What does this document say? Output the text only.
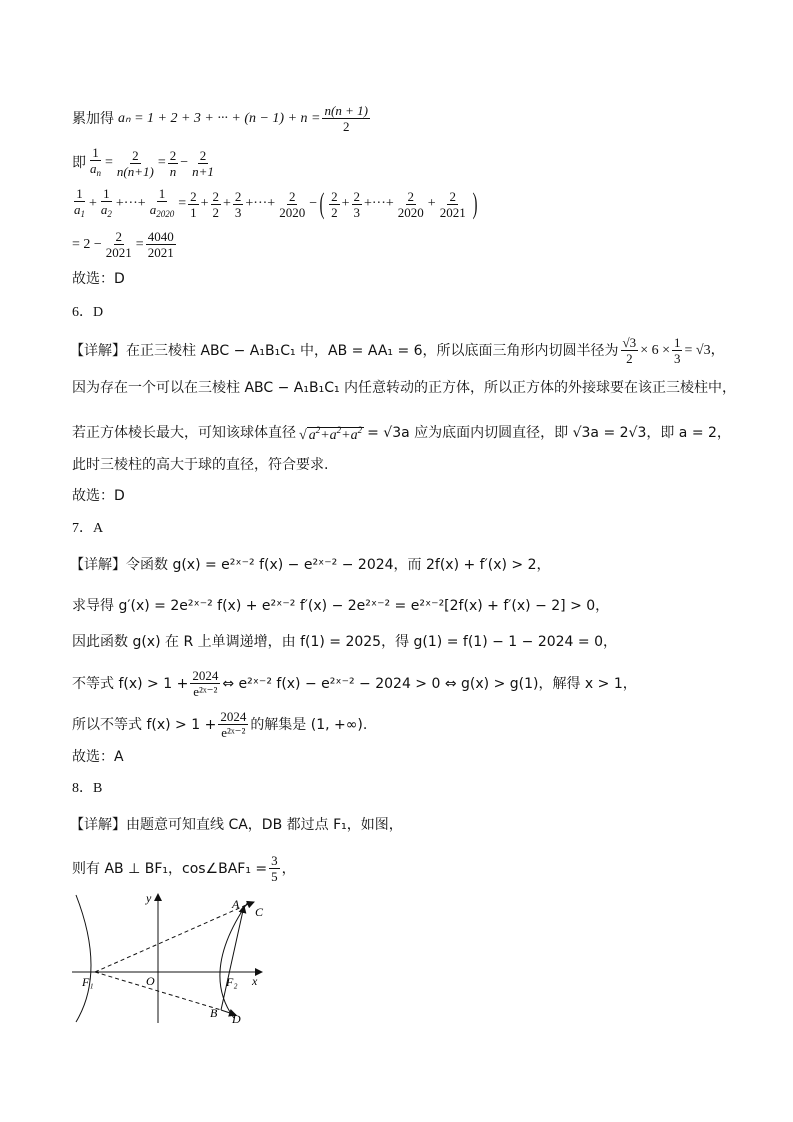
累加得 aₙ = 1 + 2 + 3 + ··· + $(n - 1) + n = \frac{n(n + 1)}{2}$
即 $\frac{1}{a_n} = \frac{2}{n(n+1)} = \frac{2}{n} - \frac{2}{n+1}$
$\frac{1}{a_1} + \frac{1}{a_2}$ +···+ $\frac{1}{a_{2020}} = \frac{2}{1} + \frac{2}{2} + \frac{2}{3}$ +···+ $\frac{2}{2020}$ − ( $\frac{2}{2} + \frac{2}{3}$ +···+ $\frac{2}{2020} + \frac{2}{2021}$ )
= $2 - \frac{2}{2021} = \frac{4040}{2021}$
故选：D
6．D
【详解】 在正三棱柱 ABC − A₁B₁C₁ 中，AB = AA₁ = 6，所以底面三角形内切圆半径为 $\frac{√3}{2} \times 6 \times \frac{1}{3} = √3$，
因为存在一个可以在三棱柱 ABC − A₁B₁C₁ 内任意转动的正方体，所以正方体的外接球要在该正三棱柱中，
若正方体棱长最大，可知该球体直径 √ $a^2+a^2+a^2 = √3a$ 应为底面内切圆直径，即 √3a = 2√3，即 a = 2，
此时三棱柱的高大于球的直径，符合要求.
故选：D
7．A
【详解】 令函数 g(x) = e²ˣ⁻² f(x) − e²ˣ⁻² − 2024，而 2f(x) + f′(x) > 2，
求导得 g′(x) = 2e²ˣ⁻² f(x) + e²ˣ⁻² f′(x) − 2e²ˣ⁻² = e²ˣ⁻²[2f(x) + f′(x) − 2] > 0，
因此函数 g(x) 在 R 上单调递增，由 f(1) = 2025，得 g(1) = f(1) − 1 − 2024 = 0，
不等式 $f(x) > 1 + \frac{2024}{\text{e²ˣ⁻²}}$ ⇔ e²ˣ⁻² f(x) − e²ˣ⁻² − 2024 > 0 ⇔ g(x) > g(1)，解得 x > 1，
所以不等式 $f(x) > 1 + \frac{2024}{\text{e²ˣ⁻²}}$ 的解集是 (1, +∞).
故选：A
8．B
【详解】 由题意可知直线 CA，DB 都过点 F₁，如图，
则有 AB ⊥ BF₁，cos∠BAF₁ = $\frac{3}{5}$ ，
y
x
O
F₁	F₂
A
C
B D
